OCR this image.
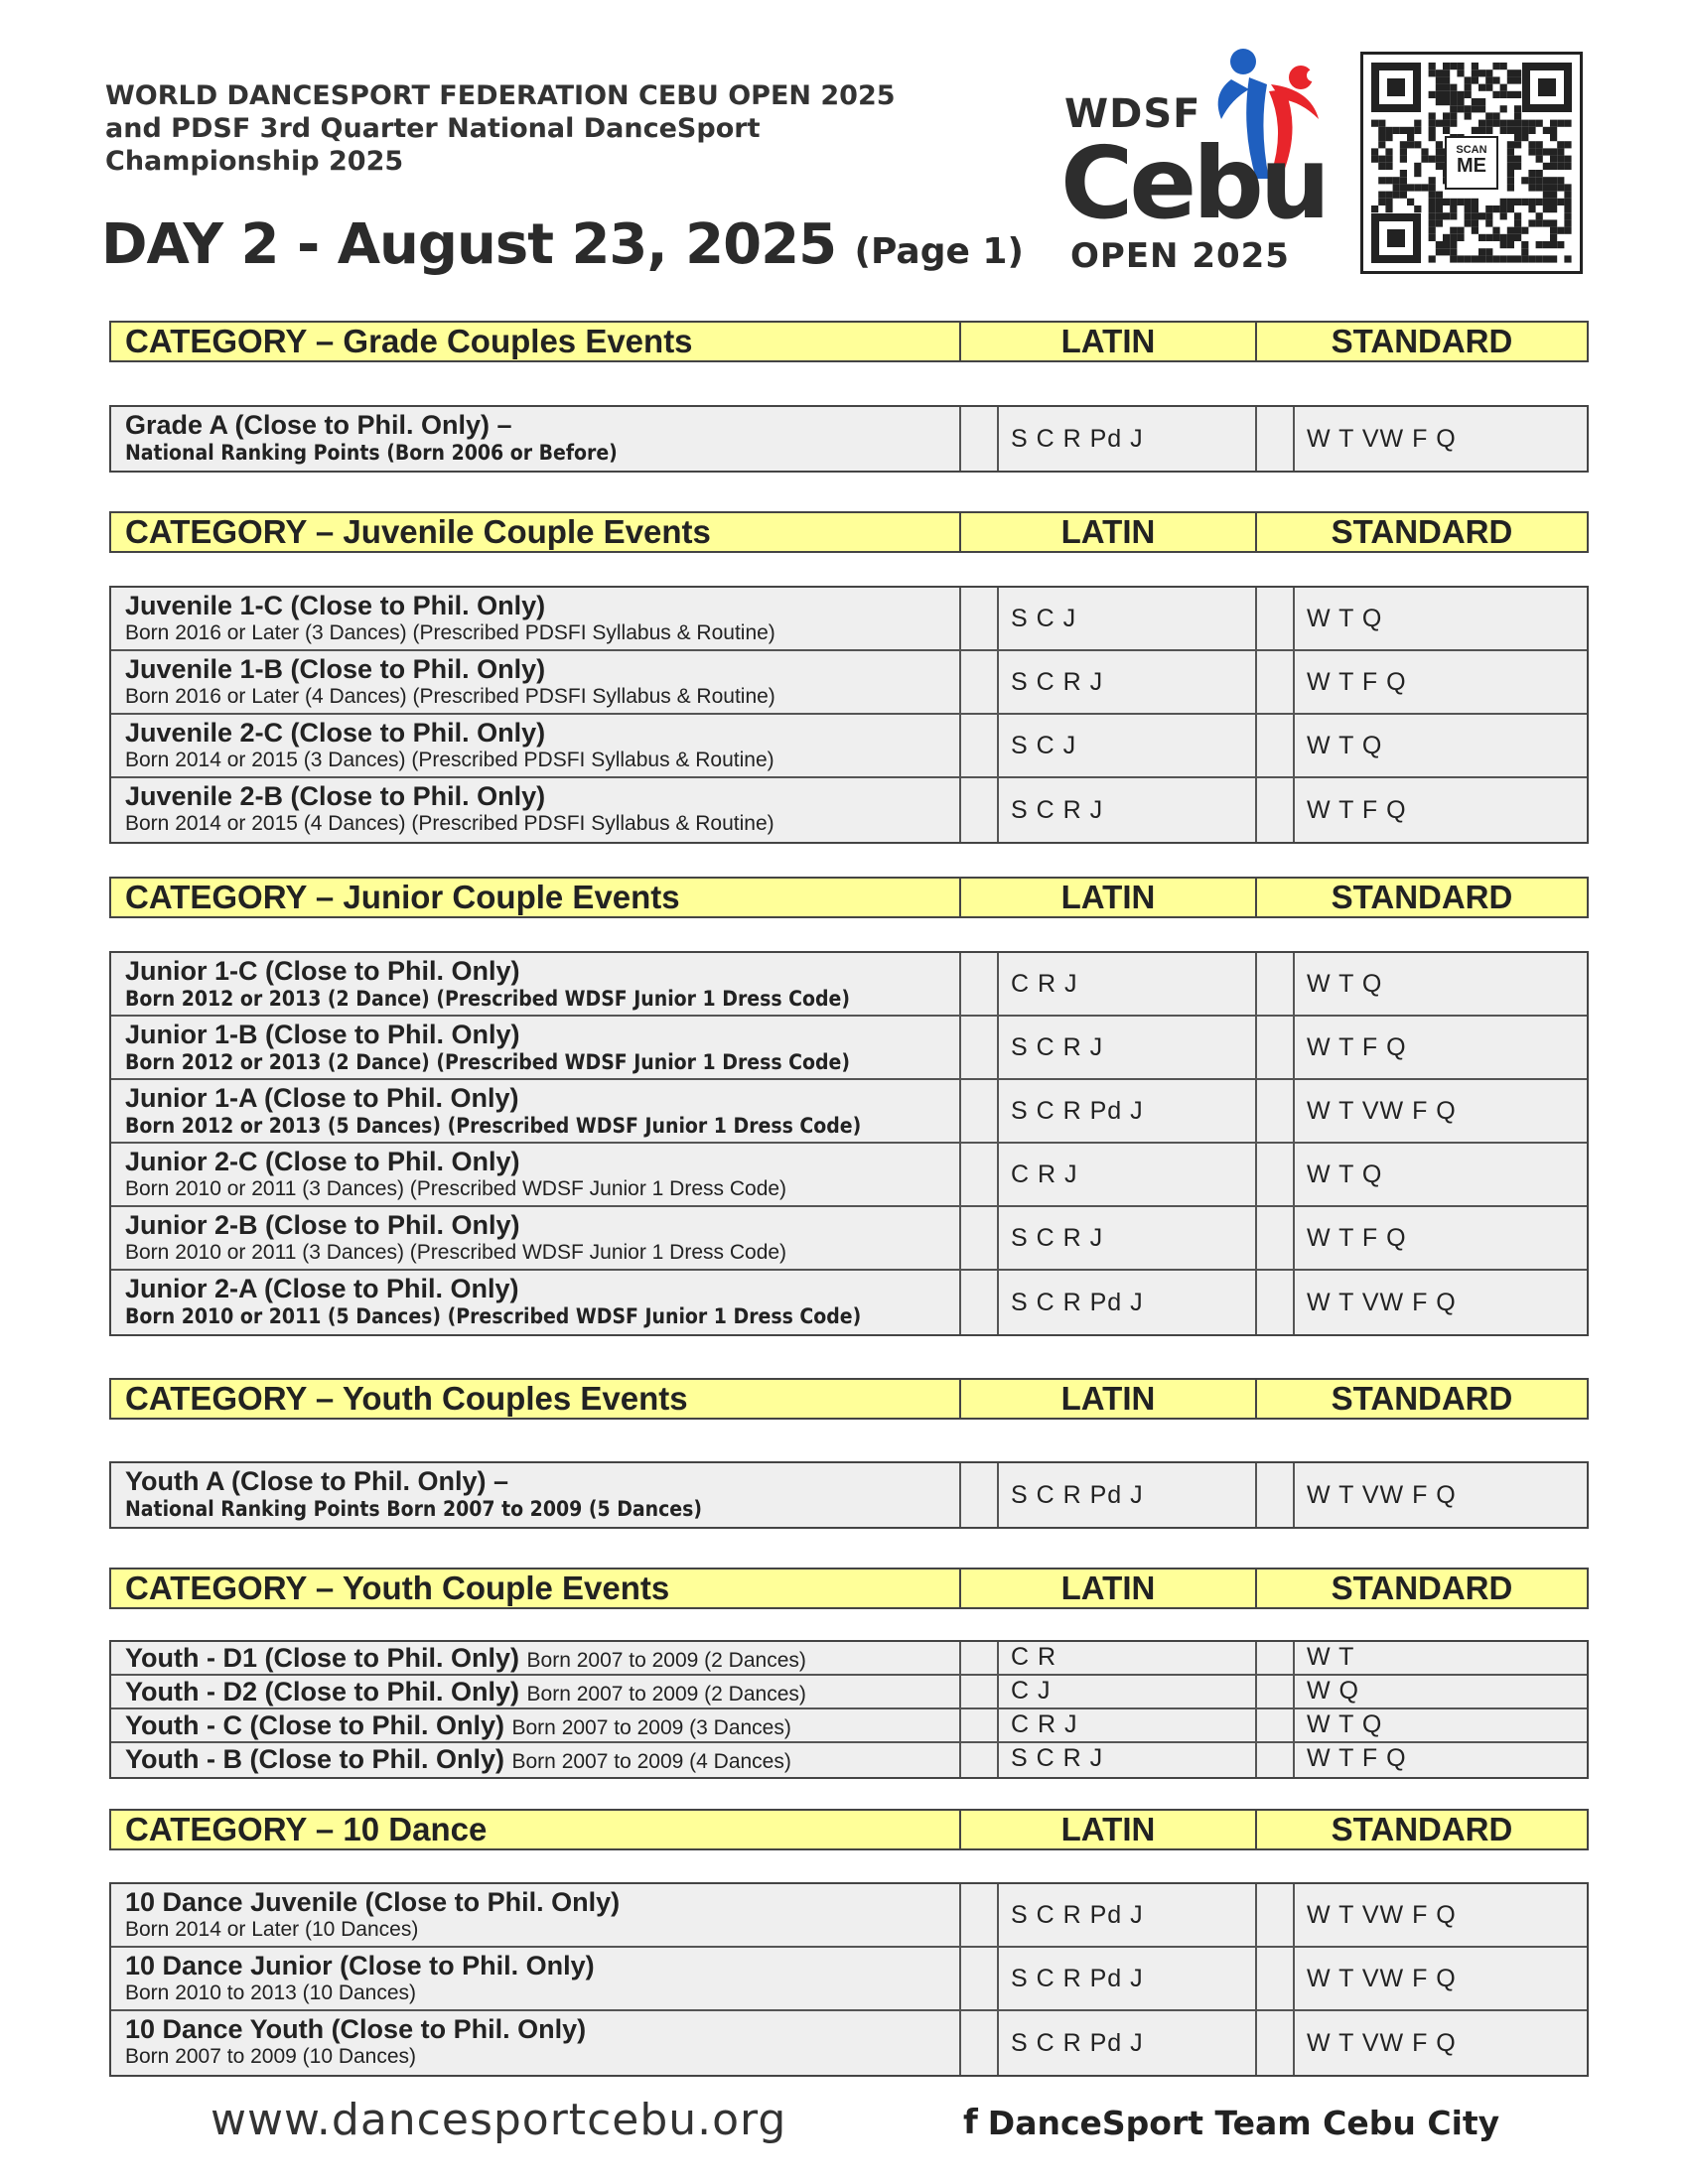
WORLD DANCESPORT FEDERATION CEBU OPEN 2025
and PDSF 3rd Quarter National DanceSport
Championship 2025
DAY 2 - August 23, 2025 (Page 1)
WDSF
Cebu
OPEN 2025
SCAN
ME
CATEGORY – Grade Couples Events	LATIN	STANDARD
Grade A (Close to Phil. Only) –
National Ranking Points (Born 2006 or Before)
S C R Pd J	W T VW F Q
CATEGORY – Juvenile Couple Events	LATIN	STANDARD
Juvenile 1-C (Close to Phil. Only)
Born 2016 or Later (3 Dances) (Prescribed PDSFI Syllabus & Routine)
S C J	W T Q
Juvenile 1-B (Close to Phil. Only)
Born 2016 or Later (4 Dances) (Prescribed PDSFI Syllabus & Routine)
S C R J	W T F Q
Juvenile 2-C (Close to Phil. Only)
Born 2014 or 2015 (3 Dances) (Prescribed PDSFI Syllabus & Routine)
S C J	W T Q
Juvenile 2-B (Close to Phil. Only)
Born 2014 or 2015 (4 Dances) (Prescribed PDSFI Syllabus & Routine)	S C R J	W T F Q
CATEGORY – Junior Couple Events	LATIN	STANDARD
Junior 1-C (Close to Phil. Only)
Born 2012 or 2013 (2 Dance) (Prescribed WDSF Junior 1 Dress Code)
C R J	W T Q
Junior 1-B (Close to Phil. Only)
Born 2012 or 2013 (2 Dance) (Prescribed WDSF Junior 1 Dress Code)
S C R J	W T F Q
Junior 1-A (Close to Phil. Only)
Born 2012 or 2013 (5 Dances) (Prescribed WDSF Junior 1 Dress Code)
S C R Pd J	W T VW F Q
Junior 2-C (Close to Phil. Only)
Born 2010 or 2011 (3 Dances) (Prescribed WDSF Junior 1 Dress Code)
C R J	W T Q
Junior 2-B (Close to Phil. Only)
Born 2010 or 2011 (3 Dances) (Prescribed WDSF Junior 1 Dress Code)
S C R J	W T F Q
Junior 2-A (Close to Phil. Only)
Born 2010 or 2011 (5 Dances) (Prescribed WDSF Junior 1 Dress Code)
S C R Pd J	W T VW F Q
CATEGORY – Youth Couples Events	LATIN	STANDARD
Youth A (Close to Phil. Only) –
National Ranking Points Born 2007 to 2009 (5 Dances)
S C R Pd J	W T VW F Q
CATEGORY – Youth Couple Events	LATIN	STANDARD
Youth - D1 (Close to Phil. Only) Born 2007 to 2009 (2 Dances)	C R	W T
Youth - D2 (Close to Phil. Only) Born 2007 to 2009 (2 Dances)	C J	W Q
Youth - C (Close to Phil. Only) Born 2007 to 2009 (3 Dances)	C R J	W T Q
Youth - B (Close to Phil. Only) Born 2007 to 2009 (4 Dances)	S C R J	W T F Q
CATEGORY – 10 Dance	LATIN	STANDARD
10 Dance Juvenile (Close to Phil. Only)
Born 2014 or Later (10 Dances)
S C R Pd J	W T VW F Q
10 Dance Junior (Close to Phil. Only)
Born 2010 to 2013 (10 Dances)
S C R Pd J	W T VW F Q
10 Dance Youth (Close to Phil. Only)
Born 2007 to 2009 (10 Dances)	S C R Pd J	W T VW F Q
www.dancesportcebu.org	f DanceSport Team Cebu City
